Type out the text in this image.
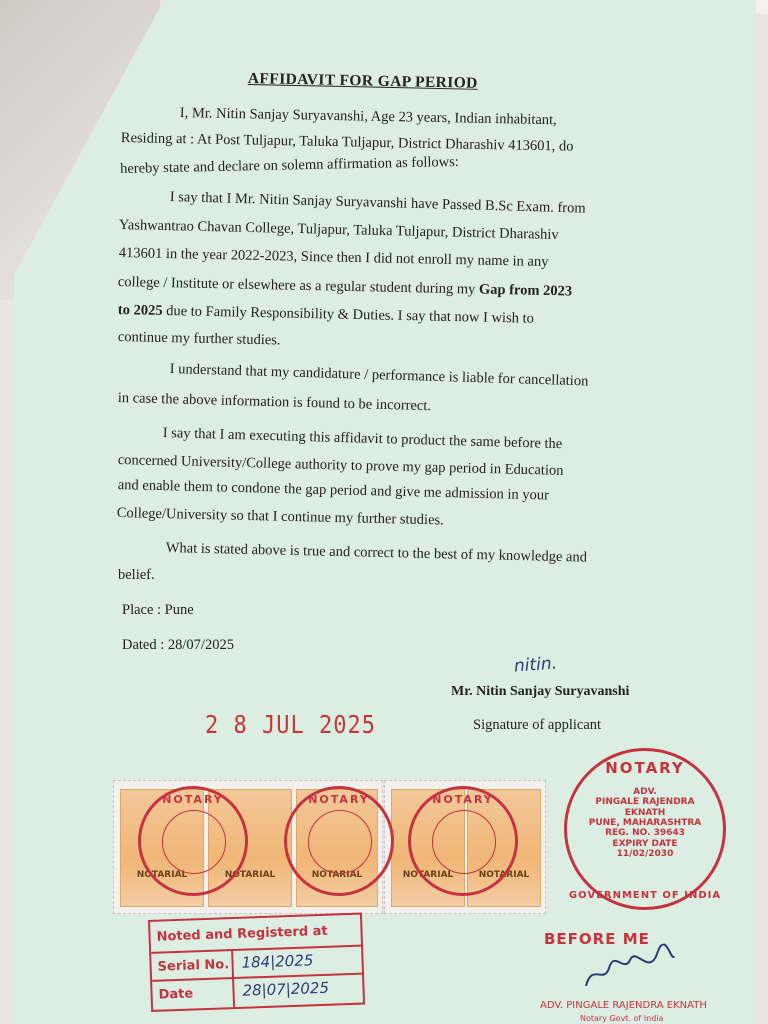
AFFIDAVIT FOR GAP PERIOD
I, Mr. Nitin Sanjay Suryavanshi, Age 23 years, Indian inhabitant,
Residing at : At Post Tuljapur, Taluka Tuljapur, District Dharashiv 413601, do
hereby state and declare on solemn affirmation as follows:
I say that I Mr. Nitin Sanjay Suryavanshi have Passed B.Sc Exam. from
Yashwantrao Chavan College, Tuljapur, Taluka Tuljapur, District Dharashiv
413601 in the year 2022-2023, Since then I did not enroll my name in any
college / Institute or elsewhere as a regular student during my Gap from 2023
to 2025 due to Family Responsibility & Duties. I say that now I wish to
continue my further studies.
I understand that my candidature / performance is liable for cancellation
in case the above information is found to be incorrect.
I say that I am executing this affidavit to product the same before the
concerned University/College authority to prove my gap period in Education
and enable them to condone the gap period and give me admission in your
College/University so that I continue my further studies.
What is stated above is true and correct to the best of my knowledge and
belief.
Place : Pune
Dated : 28/07/2025
nitin.
Mr. Nitin Sanjay Suryavanshi
Signature of applicant
2 8 JUL 2025
NOTARIAL	NOTARIAL	NOTARIAL	NOTARIAL	NOTARIAL
NOTARY	NOTARY	NOTARY
NOTARY
ADV.
PINGALE RAJENDRA
EKNATH
PUNE, MAHARASHTRA
REG. NO. 39643
EXPIRY DATE
11/02/2030
GOVERNMENT OF INDIA
Noted and Registerd at
Serial No. 184|2025
Date	28|07|2025
BEFORE ME
ADV. PINGALE RAJENDRA EKNATH
Notary Govt. of India
